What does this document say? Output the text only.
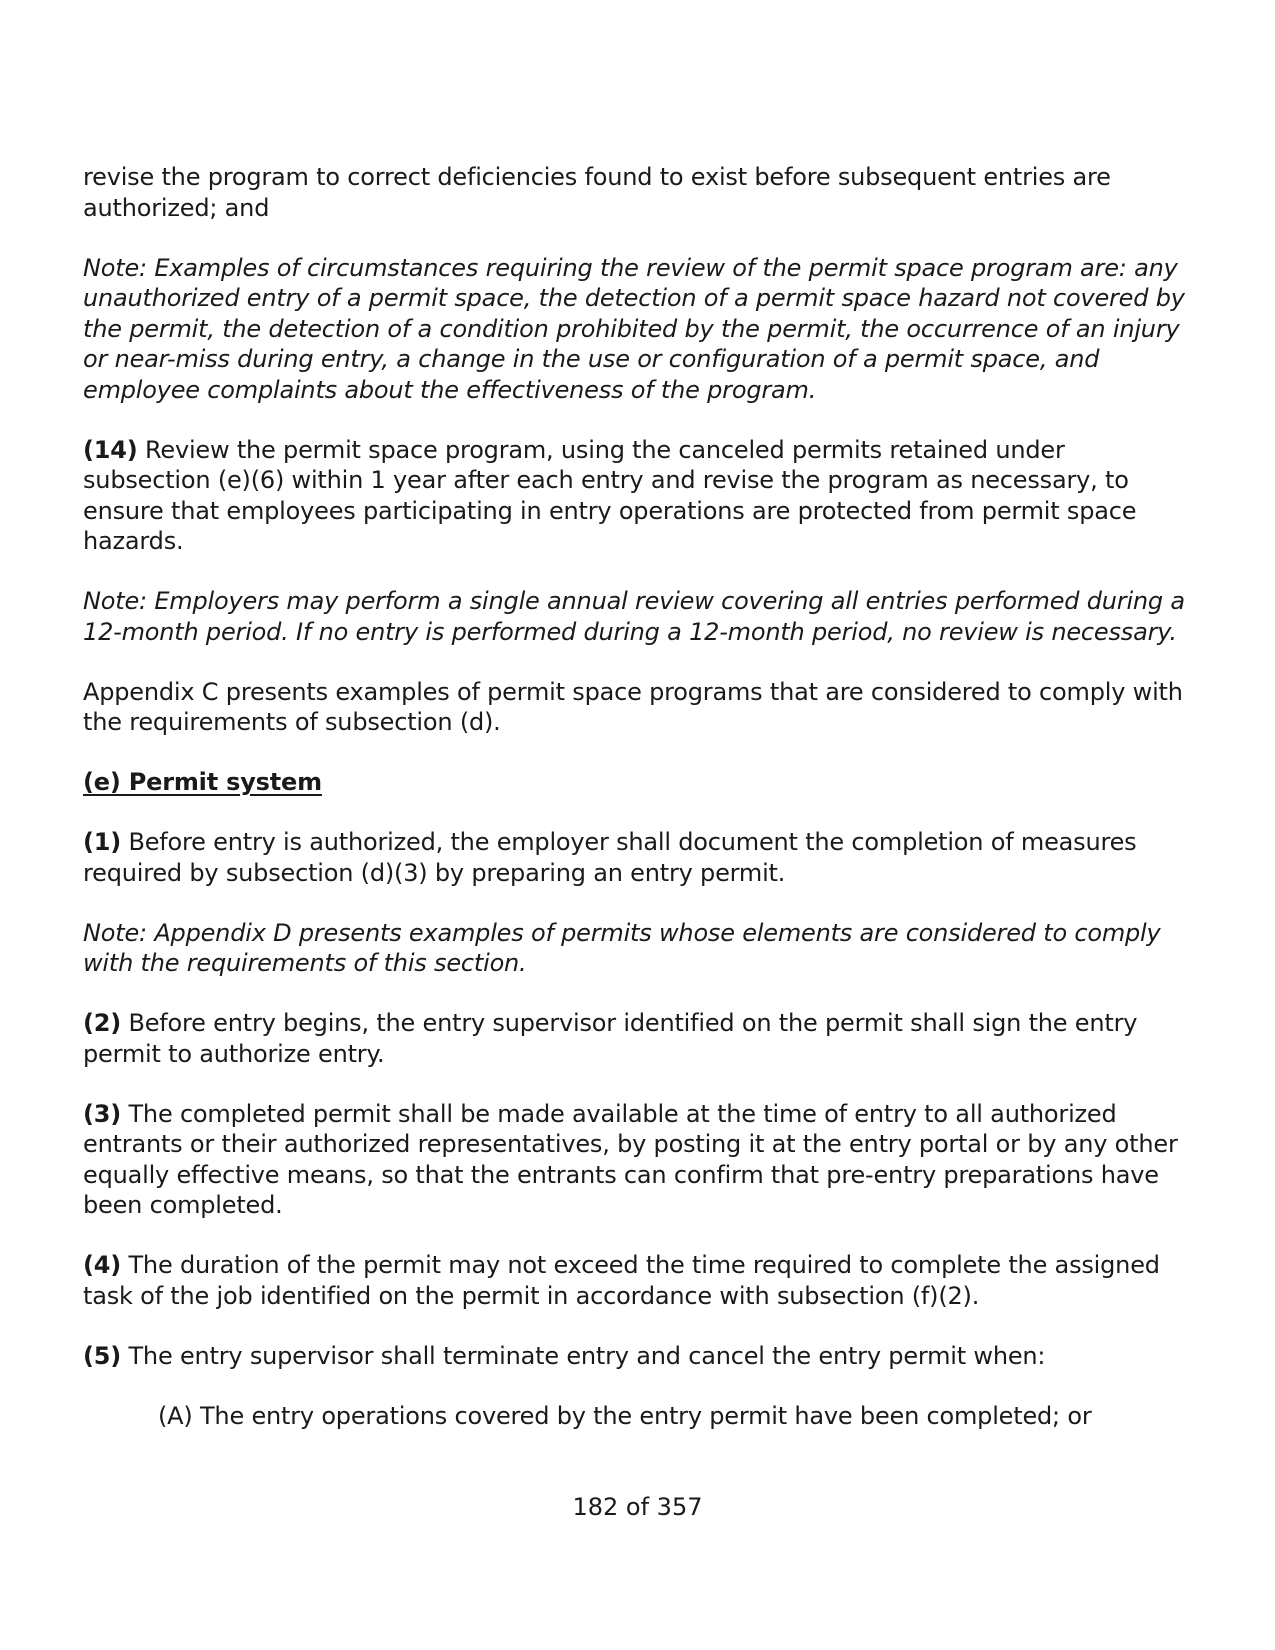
revise the program to correct deficiencies found to exist before subsequent entries are authorized; and

Note: Examples of circumstances requiring the review of the permit space program are: any unauthorized entry of a permit space, the detection of a permit space hazard not covered by the permit, the detection of a condition prohibited by the permit, the occurrence of an injury or near-miss during entry, a change in the use or configuration of a permit space, and employee complaints about the effectiveness of the program.

(14) Review the permit space program, using the canceled permits retained under subsection (e)(6) within 1 year after each entry and revise the program as necessary, to ensure that employees participating in entry operations are protected from permit space hazards.

Note: Employers may perform a single annual review covering all entries performed during a 12-month period. If no entry is performed during a 12-month period, no review is necessary.

Appendix C presents examples of permit space programs that are considered to comply with the requirements of subsection (d).

(e) Permit system

(1) Before entry is authorized, the employer shall document the completion of measures required by subsection (d)(3) by preparing an entry permit.

Note: Appendix D presents examples of permits whose elements are considered to comply with the requirements of this section.

(2) Before entry begins, the entry supervisor identified on the permit shall sign the entry permit to authorize entry.

(3) The completed permit shall be made available at the time of entry to all authorized entrants or their authorized representatives, by posting it at the entry portal or by any other equally effective means, so that the entrants can confirm that pre-entry preparations have been completed.

(4) The duration of the permit may not exceed the time required to complete the assigned task of the job identified on the permit in accordance with subsection (f)(2).

(5) The entry supervisor shall terminate entry and cancel the entry permit when:

(A) The entry operations covered by the entry permit have been completed; or

182 of 357
